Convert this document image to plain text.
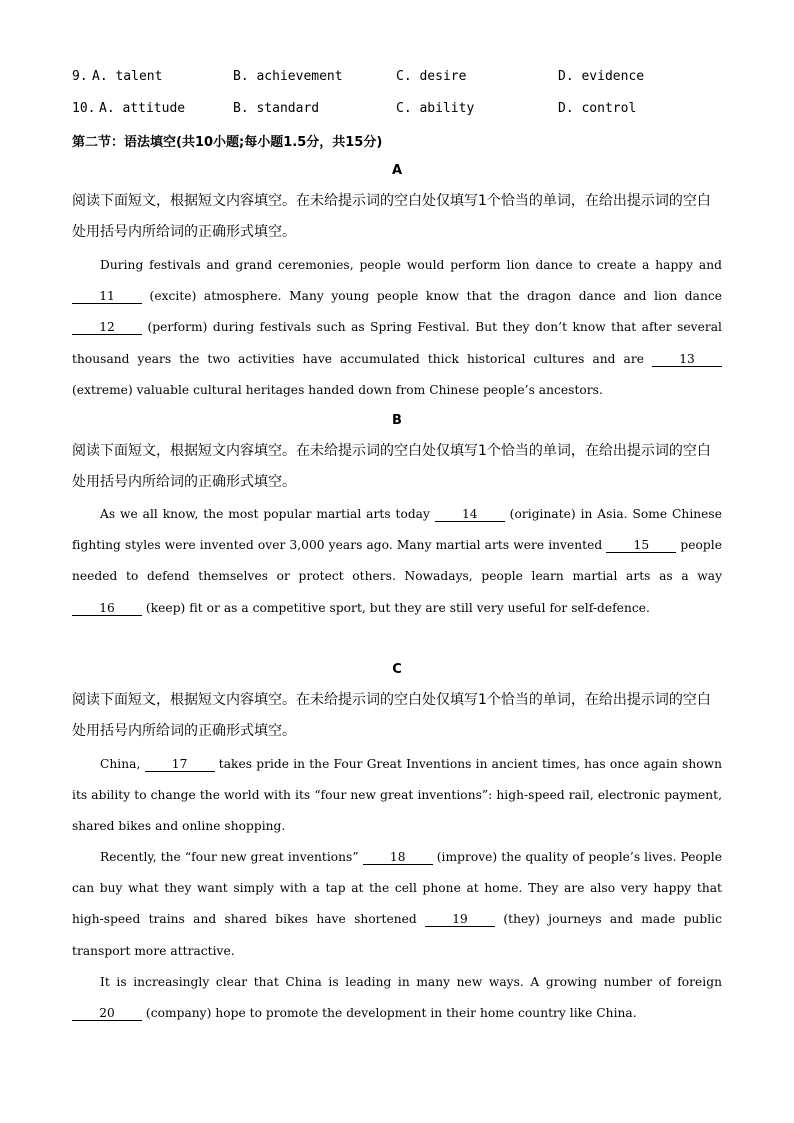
9. A. talent	B. achievement	C. desire	D. evidence
10. A. attitude	B. standard	C. ability	D. control
第二节：语法填空(共10小题;每小题1.5分，共15分)
A
阅读下面短文，根据短文内容填空。在未给提示词的空白处仅填写1个恰当的单词，在给出提示词的空白
处用括号内所给词的正确形式填空。
During festivals and grand ceremonies, people would perform lion dance to create a happy and 11 (excite) atmosphere. Many young people know that the dragon dance and lion dance 12 (perform) during festivals such as Spring Festival. But they don’t know that after several thousand years the two activities have accumulated thick historical cultures and are	13 (extreme) valuable cultural heritages handed down from Chinese people’s ancestors.
B
阅读下面短文，根据短文内容填空。在未给提示词的空白处仅填写1个恰当的单词，在给出提示词的空白
处用括号内所给词的正确形式填空。
As we all know, the most popular martial arts today	14 (originate) in Asia. Some Chinese fighting styles were invented over 3,000 years ago. Many martial arts were invented	15 people needed to defend themselves or protect others. Nowadays, people learn martial arts as a way 16 (keep) fit or as a competitive sport, but they are still very useful for self-defence.
C
阅读下面短文，根据短文内容填空。在未给提示词的空白处仅填写1个恰当的单词，在给出提示词的空白
处用括号内所给词的正确形式填空。
China,	17 takes pride in the Four Great Inventions in ancient times, has once again shown its ability to change the world with its “four new great inventions”: high-speed rail, electronic payment, shared bikes and online shopping.
Recently, the “four new great inventions”	18 (improve) the quality of people’s lives. People can buy what they want simply with a tap at the cell phone at home. They are also very happy that high-speed trains and shared bikes have shortened	19 (they) journeys and made public transport more attractive.
It is increasingly clear that China is leading in many new ways. A growing number of foreign 20 (company) hope to promote the development in their home country like China.
